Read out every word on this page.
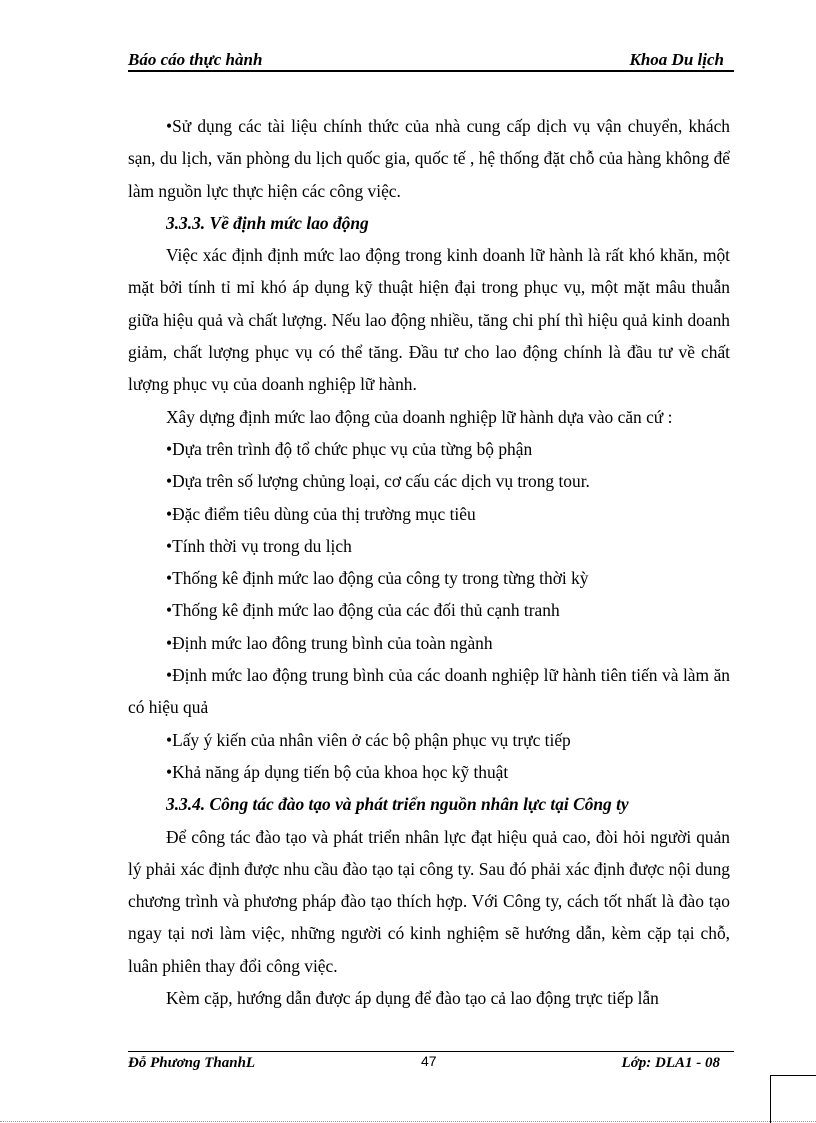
Báo cáo thực hành	Khoa Du lịch

•Sử dụng các tài liệu chính thức của nhà cung cấp dịch vụ vận chuyển, khách sạn, du lịch, văn phòng du lịch quốc gia, quốc tế , hệ thống đặt chỗ của hàng không để làm nguồn lực thực hiện các công việc.

3.3.3. Về định mức lao động

Việc xác định định mức lao động trong kinh doanh lữ hành là rất khó khăn, một mặt bởi tính tỉ mỉ khó áp dụng kỹ thuật hiện đại trong phục vụ, một mặt mâu thuẫn giữa hiệu quả và chất lượng. Nếu lao động nhiều, tăng chi phí thì hiệu quả kinh doanh giảm, chất lượng phục vụ có thể tăng. Đầu tư cho lao động chính là đầu tư về chất lượng phục vụ của doanh nghiệp lữ hành.

Xây dựng định mức lao động của doanh nghiệp lữ hành dựa vào căn cứ :

•Dựa trên trình độ tổ chức phục vụ của từng bộ phận

•Dựa trên số lượng chủng loại, cơ cấu các dịch vụ trong tour.

•Đặc điểm tiêu dùng của thị trường mục tiêu

•Tính thời vụ trong du lịch

•Thống kê định mức lao động của công ty trong từng thời kỳ

•Thống kê định mức lao động của các đối thủ cạnh tranh

•Định mức lao đông trung bình của toàn ngành

•Định mức lao động trung bình của các doanh nghiệp lữ hành tiên tiến và làm ăn có hiệu quả

•Lấy ý kiến của nhân viên ở các bộ phận phục vụ trực tiếp

•Khả năng áp dụng tiến bộ của khoa học kỹ thuật

3.3.4. Công tác đào tạo và phát triển nguồn nhân lực tại Công ty

Để công tác đào tạo và phát triển nhân lực đạt hiệu quả cao, đòi hỏi người quản lý phải xác định được nhu cầu đào tạo tại công ty. Sau đó phải xác định được nội dung chương trình và phương pháp đào tạo thích hợp. Với Công ty, cách tốt nhất là đào tạo ngay tại nơi làm việc, những người có kinh nghiệm sẽ hướng dẫn, kèm cặp tại chỗ, luân phiên thay đổi công việc.

Kèm cặp, hướng dẫn được áp dụng để đào tạo cả lao động trực tiếp lẫn

Đỗ Phương ThanhL	47	Lớp: DLA1 - 08
